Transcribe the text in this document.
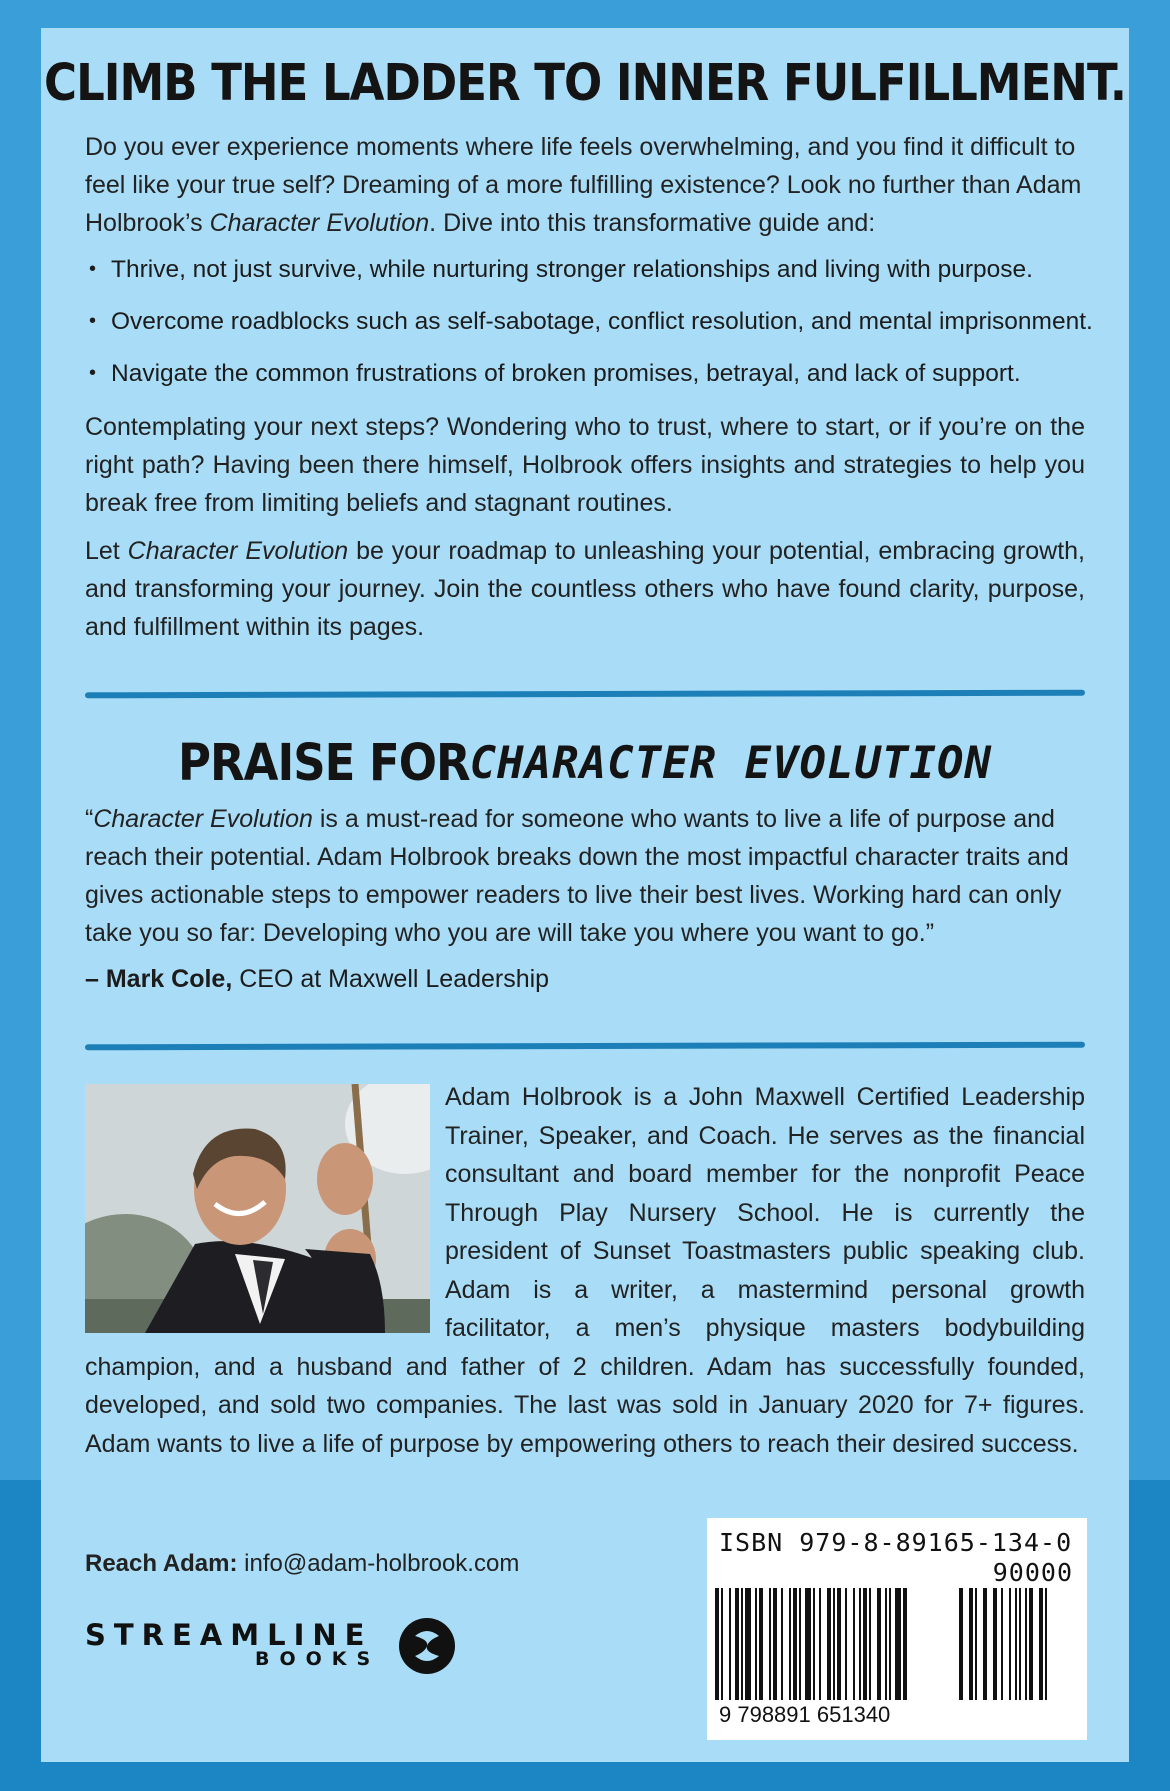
CLIMB THE LADDER TO INNER FULFILLMENT.

Do you ever experience moments where life feels overwhelming, and you find it difficult to feel like your true self? Dreaming of a more fulfilling existence? Look no further than Adam Holbrook’s Character Evolution. Dive into this transformative guide and:

• Thrive, not just survive, while nurturing stronger relationships and living with purpose.
• Overcome roadblocks such as self-sabotage, conflict resolution, and mental imprisonment.
• Navigate the common frustrations of broken promises, betrayal, and lack of support.

Contemplating your next steps? Wondering who to trust, where to start, or if you’re on the right path? Having been there himself, Holbrook offers insights and strategies to help you break free from limiting beliefs and stagnant routines.

Let Character Evolution be your roadmap to unleashing your potential, embracing growth, and transforming your journey. Join the countless others who have found clarity, purpose, and fulfillment within its pages.

PRAISE FORCHARACTER EVOLUTION

“Character Evolution is a must-read for someone who wants to live a life of purpose and reach their potential. Adam Holbrook breaks down the most impactful character traits and gives actionable steps to empower readers to live their best lives. Working hard can only take you so far: Developing who you are will take you where you want to go.”

– Mark Cole, CEO at Maxwell Leadership

Adam Holbrook is a John Maxwell Certified Leadership Trainer, Speaker, and Coach. He serves as the financial consultant and board member for the nonprofit Peace Through Play Nursery School. He is currently the president of Sunset Toastmasters public speaking club. Adam is a writer, a mastermind personal growth facilitator, a men’s physique masters bodybuilding champion, and a husband and father of 2 children. Adam has successfully founded, developed, and sold two companies. The last was sold in January 2020 for 7+ figures. Adam wants to live a life of purpose by empowering others to reach their desired success.

Reach Adam: info@adam-holbrook.com
STREAMLINE
BOOKS
ISBN 979-8-89165-134-0
90000
9 798891 651340
